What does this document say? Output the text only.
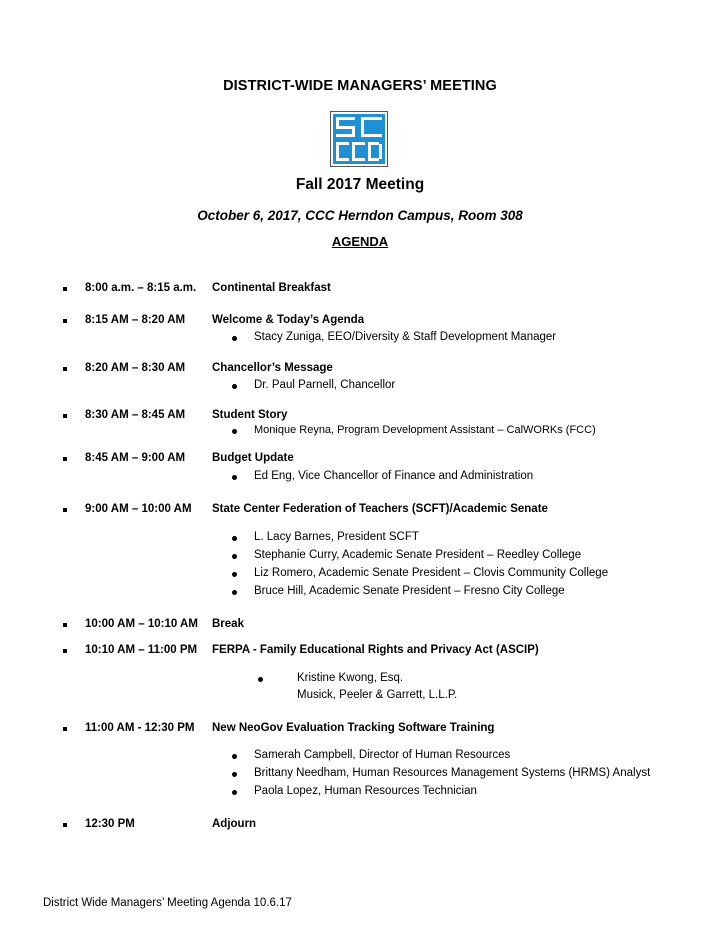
DISTRICT-WIDE MANAGERS’ MEETING
Fall 2017 Meeting
October 6, 2017, CCC Herndon Campus, Room 308
AGENDA
8:00 a.m. – 8:15 a.m. Continental Breakfast
8:15 AM – 8:20 AM Welcome & Today’s Agenda
Stacy Zuniga, EEO/Diversity & Staff Development Manager
8:20 AM – 8:30 AM Chancellor’s Message
Dr. Paul Parnell, Chancellor
8:30 AM – 8:45 AM Student Story
Monique Reyna, Program Development Assistant – CalWORKs (FCC)
8:45 AM – 9:00 AM Budget Update
Ed Eng, Vice Chancellor of Finance and Administration
9:00 AM – 10:00 AM State Center Federation of Teachers (SCFT)/Academic Senate
L. Lacy Barnes, President SCFT
Stephanie Curry, Academic Senate President – Reedley College
Liz Romero, Academic Senate President – Clovis Community College
Bruce Hill, Academic Senate President – Fresno City College
10:00 AM – 10:10 AM Break
10:10 AM – 11:00 PM FERPA - Family Educational Rights and Privacy Act (ASCIP)
Kristine Kwong, Esq.
Musick, Peeler & Garrett, L.L.P.
11:00 AM - 12:30 PM New NeoGov Evaluation Tracking Software Training
Samerah Campbell, Director of Human Resources
Brittany Needham, Human Resources Management Systems (HRMS) Analyst
Paola Lopez, Human Resources Technician
12:30 PM	Adjourn
District Wide Managers’ Meeting Agenda 10.6.17
